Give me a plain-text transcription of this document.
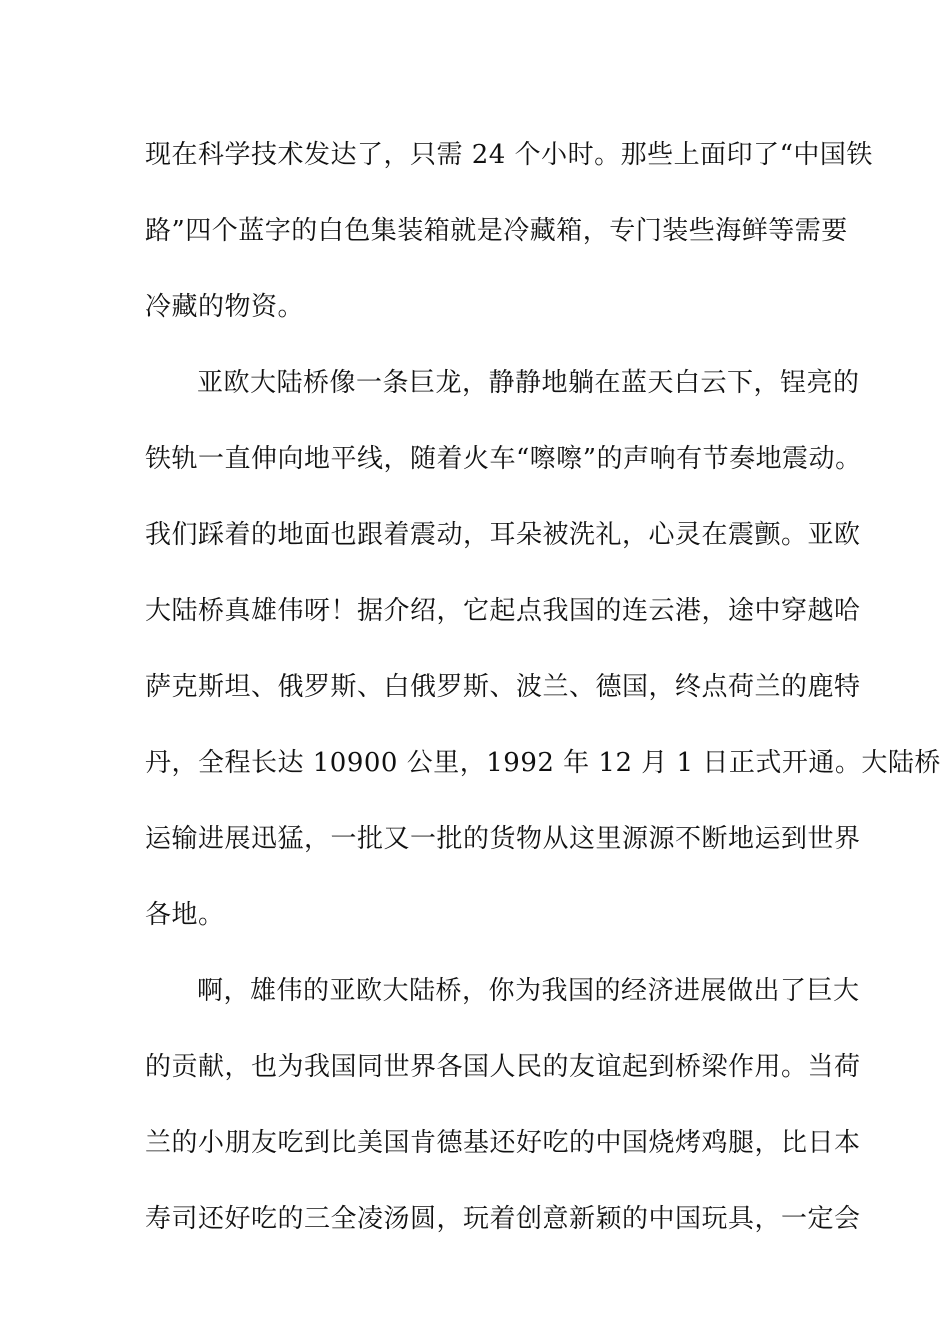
现在科学技术发达了，只需 24 个小时。那些上面印了“中国铁
路”四个蓝字的白色集装箱就是冷藏箱，专门装些海鲜等需要
冷藏的物资。
亚欧大陆桥像一条巨龙，静静地躺在蓝天白云下，锃亮的
铁轨一直伸向地平线，随着火车“嚓嚓”的声响有节奏地震动。
我们踩着的地面也跟着震动，耳朵被洗礼，心灵在震颤。亚欧
大陆桥真雄伟呀！据介绍，它起点我国的连云港，途中穿越哈
萨克斯坦、俄罗斯、白俄罗斯、波兰、德国，终点荷兰的鹿特
丹，全程长达 10900 公里，1992 年 12 月 1 日正式开通。大陆桥
运输进展迅猛，一批又一批的货物从这里源源不断地运到世界
各地。
啊，雄伟的亚欧大陆桥，你为我国的经济进展做出了巨大
的贡献，也为我国同世界各国人民的友谊起到桥梁作用。当荷
兰的小朋友吃到比美国肯德基还好吃的中国烧烤鸡腿，比日本
寿司还好吃的三全凌汤圆，玩着创意新颖的中国玩具，一定会
